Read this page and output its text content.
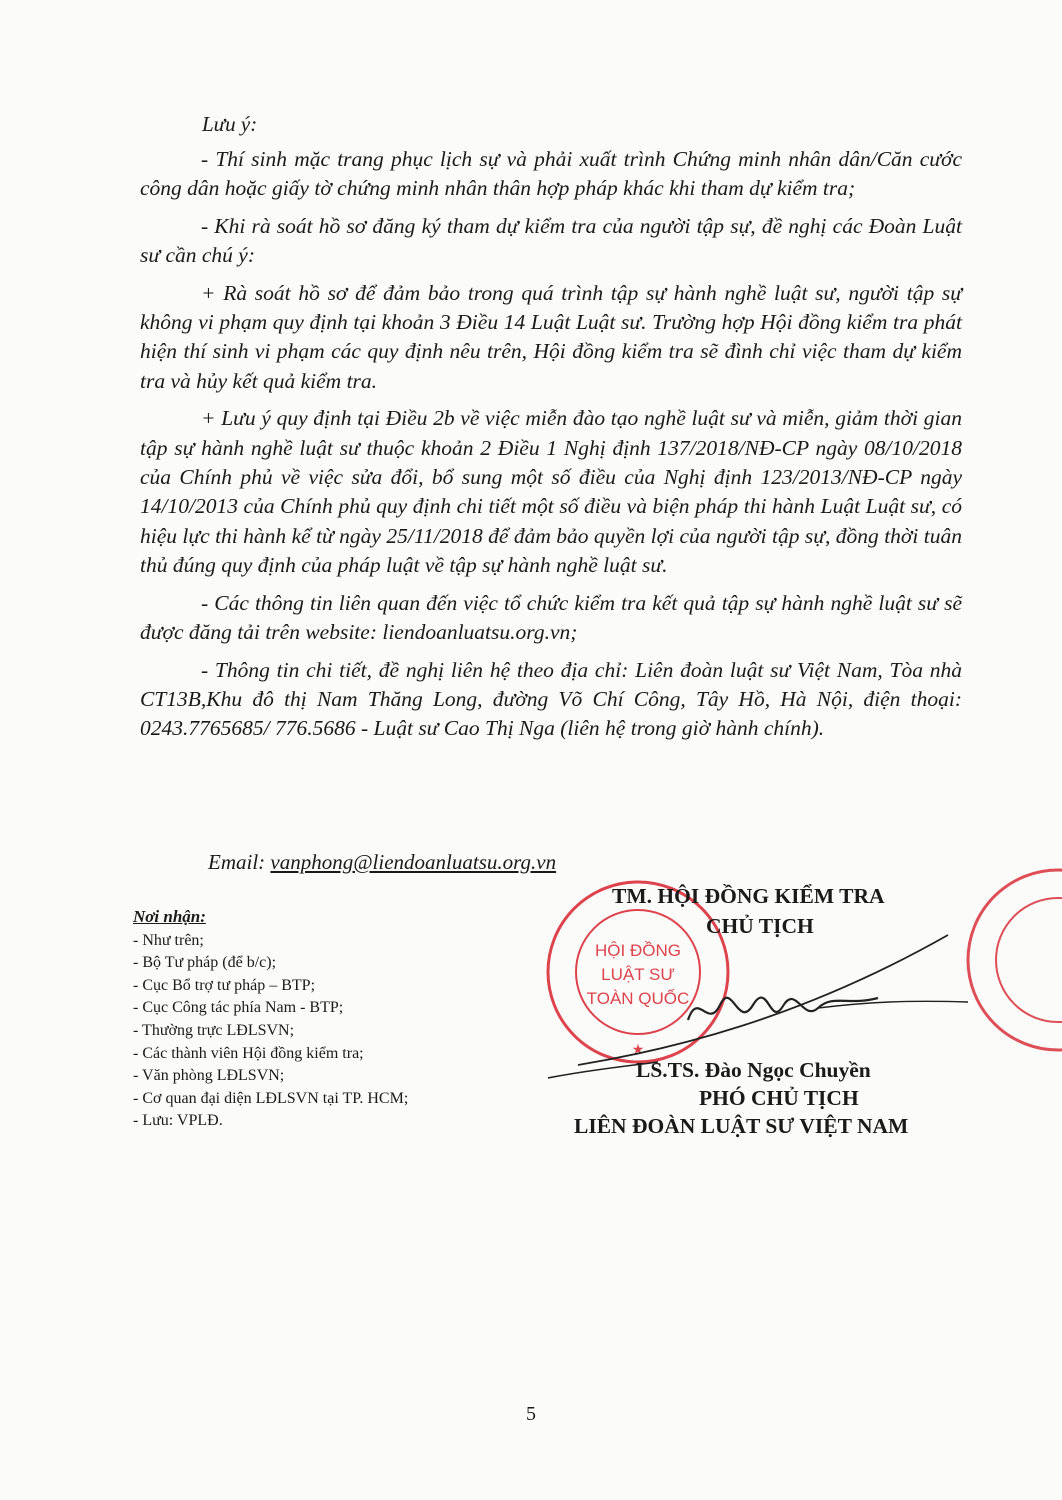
Lưu ý:

- Thí sinh mặc trang phục lịch sự và phải xuất trình Chứng minh nhân dân/Căn cước công dân hoặc giấy tờ chứng minh nhân thân hợp pháp khác khi tham dự kiểm tra;

- Khi rà soát hồ sơ đăng ký tham dự kiểm tra của người tập sự, đề nghị các Đoàn Luật sư cần chú ý:

+ Rà soát hồ sơ để đảm bảo trong quá trình tập sự hành nghề luật sư, người tập sự không vi phạm quy định tại khoản 3 Điều 14 Luật Luật sư. Trường hợp Hội đồng kiểm tra phát hiện thí sinh vi phạm các quy định nêu trên, Hội đồng kiểm tra sẽ đình chỉ việc tham dự kiểm tra và hủy kết quả kiểm tra.

+ Lưu ý quy định tại Điều 2b về việc miễn đào tạo nghề luật sư và miễn, giảm thời gian tập sự hành nghề luật sư thuộc khoản 2 Điều 1 Nghị định 137/2018/NĐ-CP ngày 08/10/2018 của Chính phủ về việc sửa đổi, bổ sung một số điều của Nghị định 123/2013/NĐ-CP ngày 14/10/2013 của Chính phủ quy định chi tiết một số điều và biện pháp thi hành Luật Luật sư, có hiệu lực thi hành kể từ ngày 25/11/2018 để đảm bảo quyền lợi của người tập sự, đồng thời tuân thủ đúng quy định của pháp luật về tập sự hành nghề luật sư.

- Các thông tin liên quan đến việc tổ chức kiểm tra kết quả tập sự hành nghề luật sư sẽ được đăng tải trên website: liendoanluatsu.org.vn;

- Thông tin chi tiết, đề nghị liên hệ theo địa chỉ: Liên đoàn luật sư Việt Nam, Tòa nhà CT13B,Khu đô thị Nam Thăng Long, đường Võ Chí Công, Tây Hồ, Hà Nội, điện thoại: 0243.7765685/ 776.5686 - Luật sư Cao Thị Nga (liên hệ trong giờ hành chính).

Email: vanphong@liendoanluatsu.org.vn
Nơi nhận:
- Như trên;
- Bộ Tư pháp (để b/c);
- Cục Bổ trợ tư pháp – BTP;
- Cục Công tác phía Nam - BTP;
- Thường trực LĐLSVN;
- Các thành viên Hội đồng kiểm tra;
- Văn phòng LĐLSVN;
- Cơ quan đại diện LĐLSVN tại TP. HCM;
- Lưu: VPLĐ.
HỘI ĐỒNG
LUẬT SƯ
TOÀN QUỐC
★
TM. HỘI ĐỒNG KIỂM TRA
CHỦ TỊCH
LS.TS. Đào Ngọc Chuyền
PHÓ CHỦ TỊCH
LIÊN ĐOÀN LUẬT SƯ VIỆT NAM
5
